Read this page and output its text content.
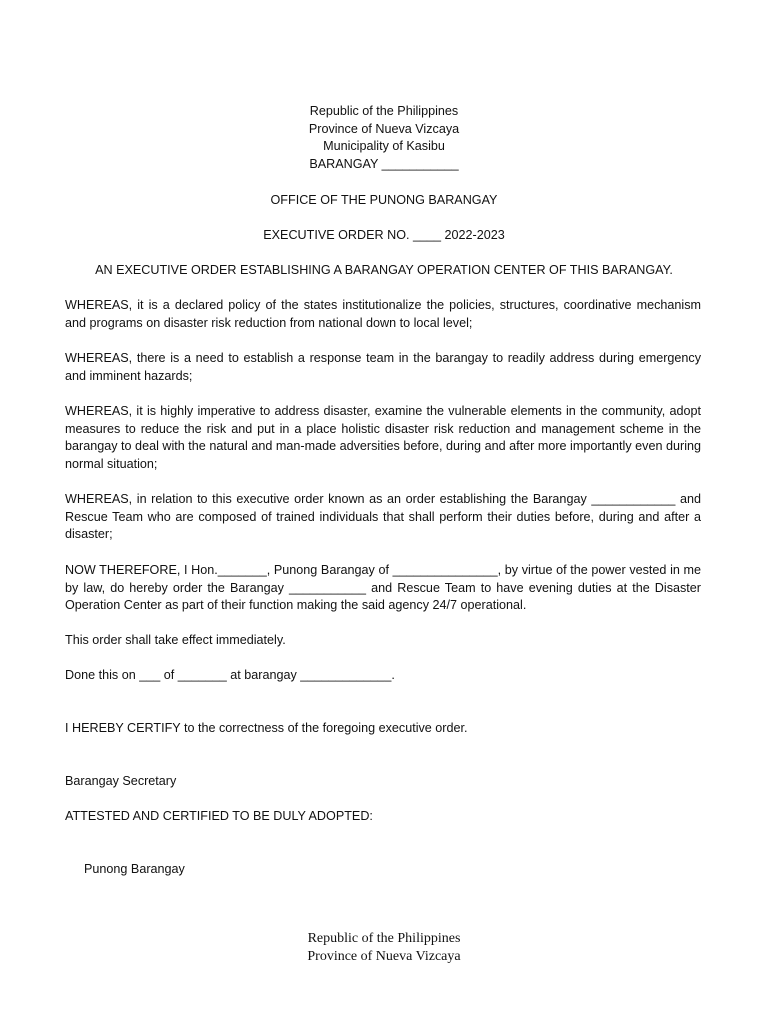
Republic of the Philippines
Province of Nueva Vizcaya
Municipality of Kasibu
BARANGAY ___________
OFFICE OF THE PUNONG BARANGAY
EXECUTIVE ORDER NO. ____ 2022-2023
AN EXECUTIVE ORDER ESTABLISHING A BARANGAY OPERATION CENTER OF THIS BARANGAY.
WHEREAS, it is a declared policy of the states institutionalize the policies, structures, coordinative mechanism and programs on disaster risk reduction from national down to local level;
WHEREAS, there is a need to establish a response team in the barangay to readily address during emergency and imminent hazards;
WHEREAS, it is highly imperative to address disaster, examine the vulnerable elements in the community, adopt measures to reduce the risk and put in a place holistic disaster risk reduction and management scheme in the barangay to deal with the natural and man-made adversities before, during and after more importantly even during normal situation;
WHEREAS, in relation to this executive order known as an order establishing the Barangay ____________ and Rescue Team who are composed of trained individuals that shall perform their duties before, during and after a disaster;
NOW THEREFORE, I Hon._______, Punong Barangay of _______________, by virtue of the power vested in me by law, do hereby order the Barangay ___________ and Rescue Team to have evening duties at the Disaster Operation Center as part of their function making the said agency 24/7 operational.
This order shall take effect immediately.
Done this on ___ of _______ at barangay _____________.
I HEREBY CERTIFY to the correctness of the foregoing executive order.
Barangay Secretary
ATTESTED AND CERTIFIED TO BE DULY ADOPTED:
Punong Barangay
Republic of the Philippines
Province of Nueva Vizcaya
